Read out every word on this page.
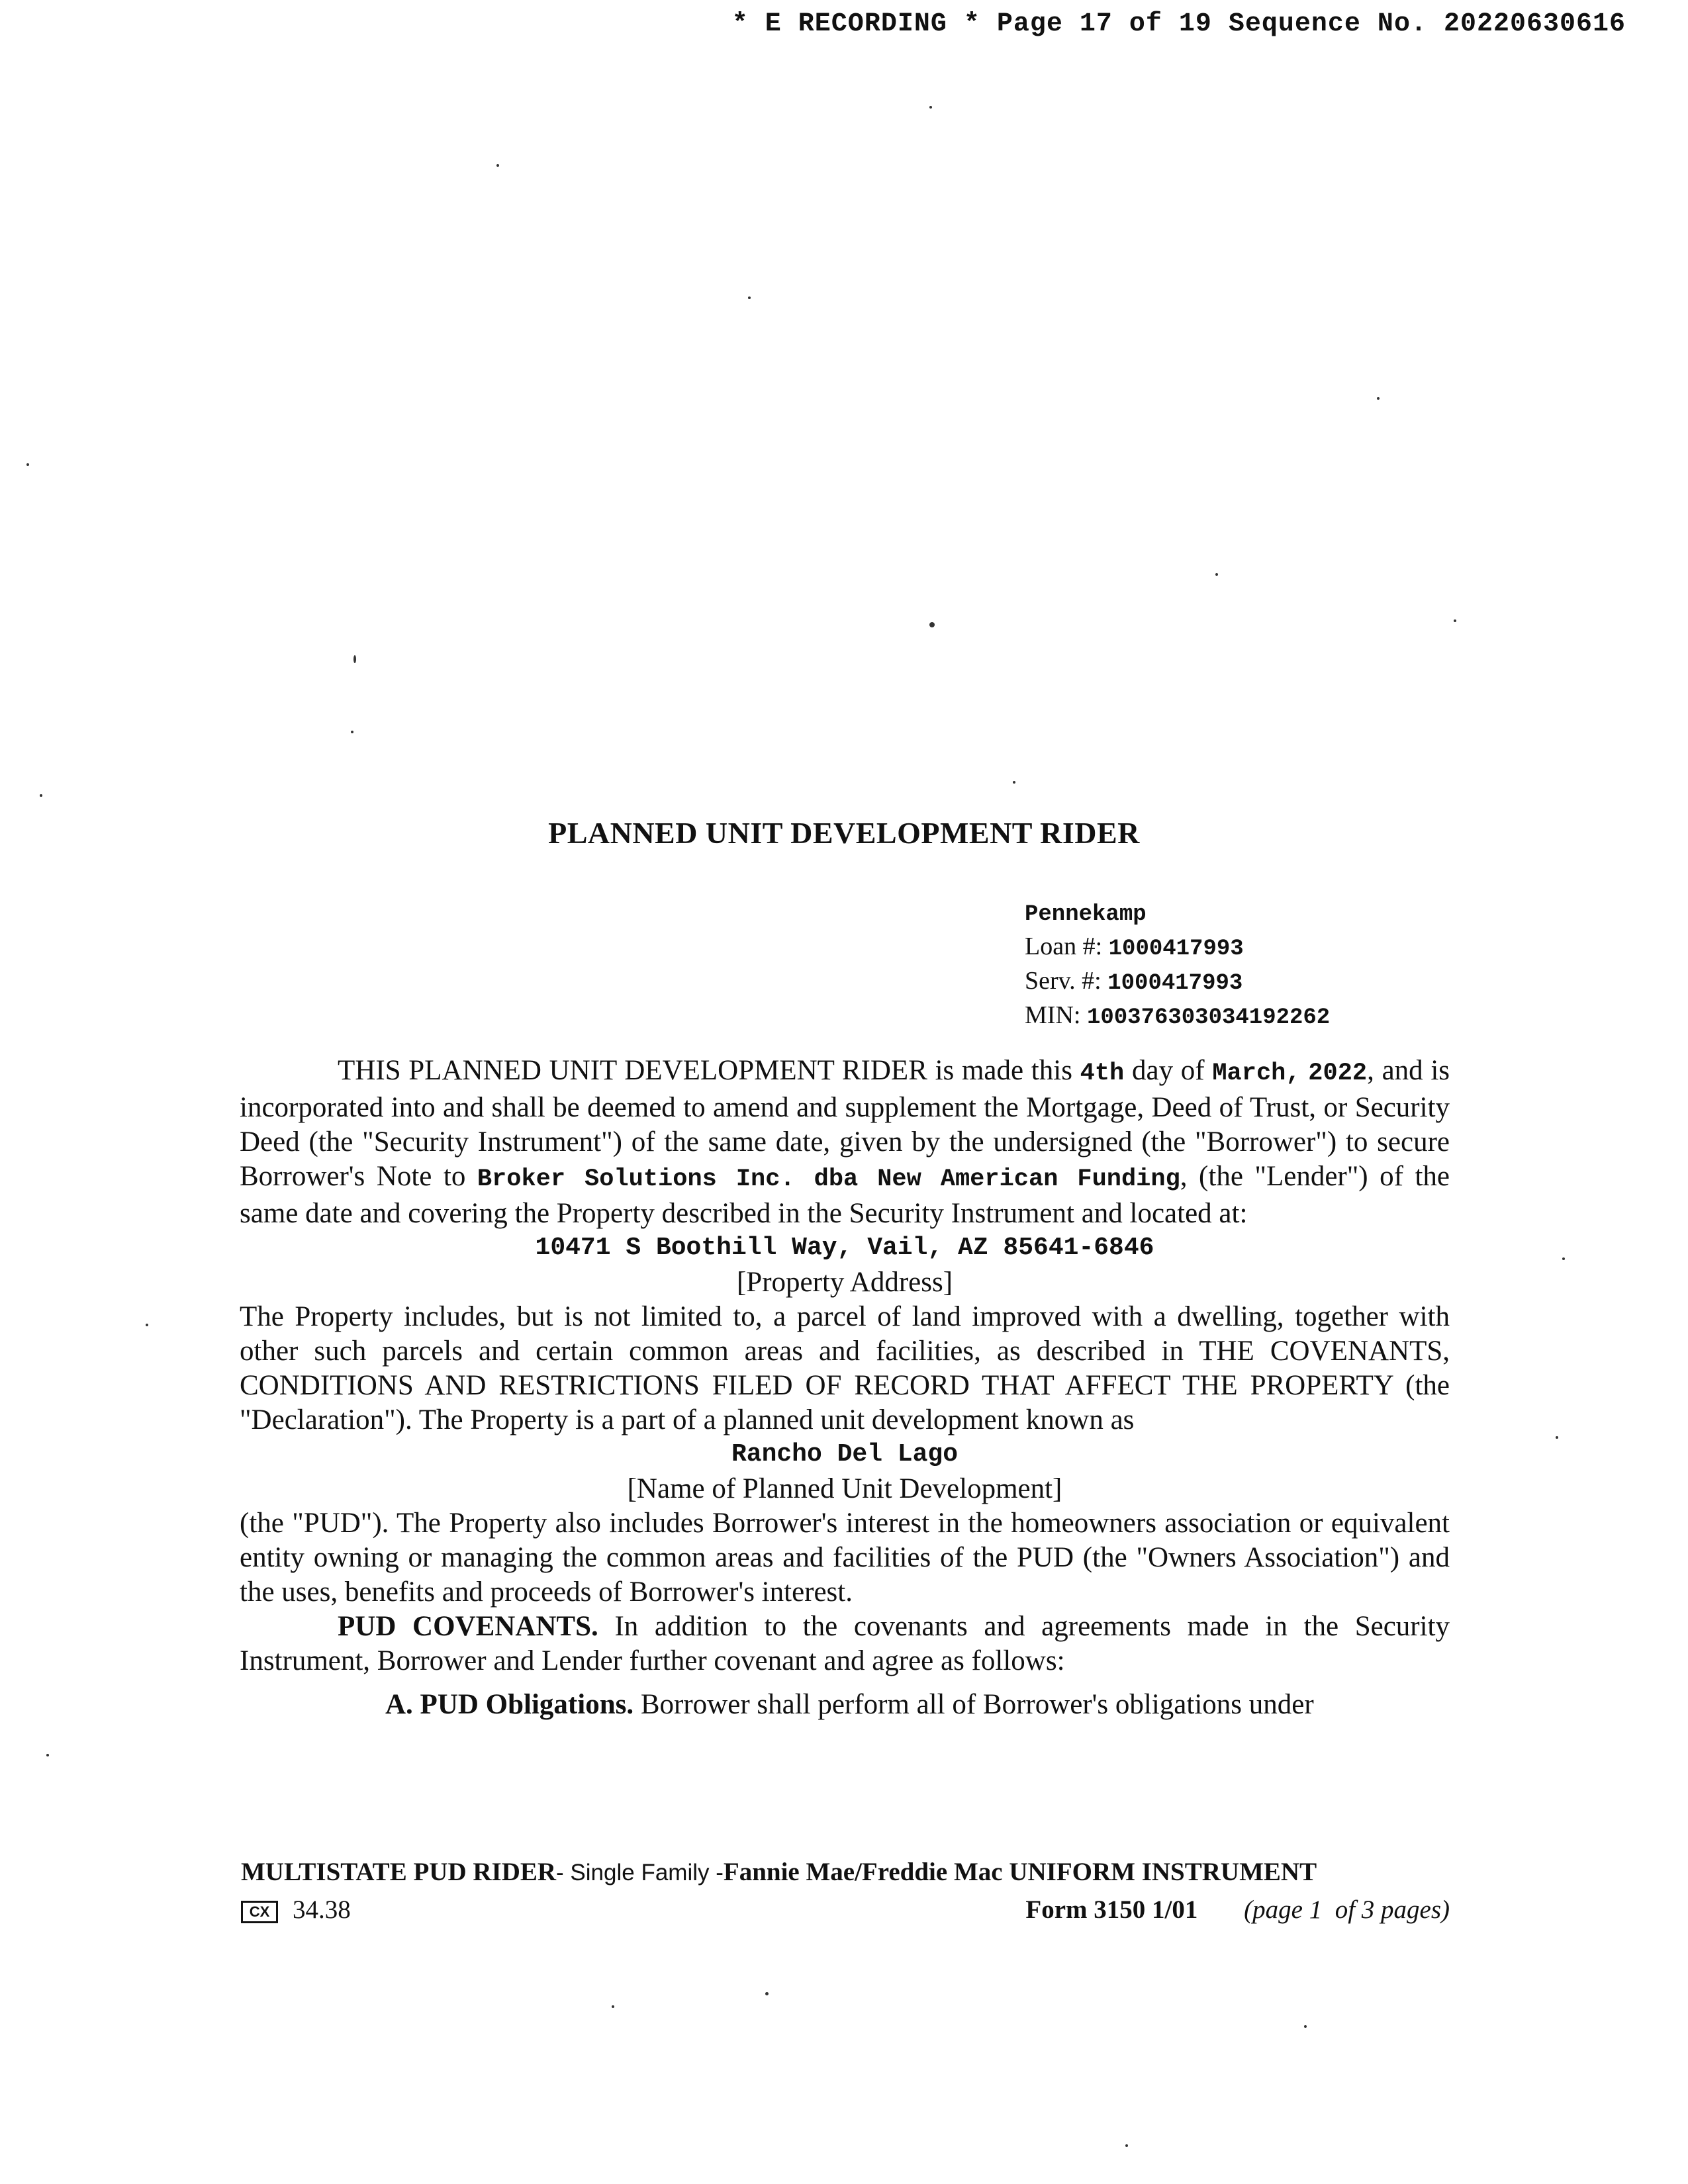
* E RECORDING * Page 17 of 19 Sequence No. 20220630616
PLANNED UNIT DEVELOPMENT RIDER
Pennekamp
Loan #: 1000417993
Serv. #: 1000417993
MIN: 100376303034192262

THIS PLANNED UNIT DEVELOPMENT RIDER is made this 4th day of March, 2022, and is incorporated into and shall be deemed to amend and supplement the Mortgage, Deed of Trust, or Security Deed (the "Security Instrument") of the same date, given by the undersigned (the "Borrower") to secure Borrower's Note to Broker Solutions Inc. dba New American Funding, (the "Lender") of the same date and covering the Property described in the Security Instrument and located at:

10471 S Boothill Way, Vail, AZ 85641-6846

[Property Address]

The Property includes, but is not limited to, a parcel of land improved with a dwelling, together with other such parcels and certain common areas and facilities, as described in THE COVENANTS, CONDITIONS AND RESTRICTIONS FILED OF RECORD THAT AFFECT THE PROPERTY (the "Declaration"). The Property is a part of a planned unit development known as

Rancho Del Lago

[Name of Planned Unit Development]

(the "PUD"). The Property also includes Borrower's interest in the homeowners association or equivalent entity owning or managing the common areas and facilities of the PUD (the "Owners Association") and the uses, benefits and proceeds of Borrower's interest.

PUD COVENANTS. In addition to the covenants and agreements made in the Security Instrument, Borrower and Lender further covenant and agree as follows:

A. PUD Obligations. Borrower shall perform all of Borrower's obligations under

MULTISTATE PUD RIDER- Single Family -Fannie Mae/Freddie Mac UNIFORM INSTRUMENT
CX 34.38	Form 3150 1/01 (page 1  of 3 pages)
